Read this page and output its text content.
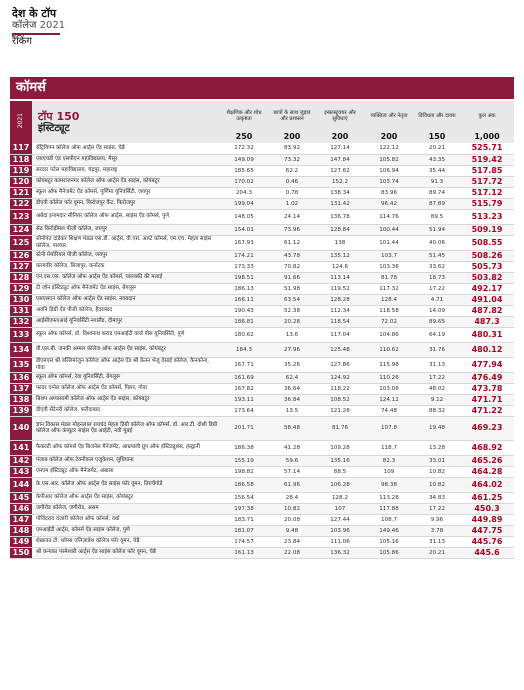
देश के टॉप
कॉलेज 2021
रैंकिंग
कॉमर्स
2021	टॉप 150
इंस्टिट्यूट	शैक्षणिक और शोध उत्कृष्टता	छात्रों के साथ जुड़ाव और प्रशासन	इन्फ्रास्ट्रक्चर और सुविधाएं	व्यक्तित्व और नेतृत्व	विविधता और दायरा	कुल अंक
		250	200	200	200	150	1,000
117	सेंट्रियिपन कॉलेज ऑफ आर्ट्स ऐंड साइंस, चेन्नै	172.32	83.92	127.14	122.12	20.21	525.71
118	एसएचडी एंड एसपीएन महाविद्यालय, मैसूर	149.09	73.32	147.84	105.82	43.35	519.42
119	सरदार पटेल महाविद्यालय, चंद्रपुर, महाराष्ट्र	185.65	62.2	127.62	106.94	35.44	517.85
120	कोयंबटूर कामराजनगर कॉलेज ऑफ आर्ट्स ऐंड साइंस, कोयंबटूर	170.02	0.46	152.2	103.74	91.3	517.72
121	स्कूल ऑफ मैनेजमेंट ऐंड कॉमर्स, पूर्णिमा यूनिवर्सिटी, जयपुर	204.3	0.78	138.34	83.96	89.74	517.12
122	डीएवी कॉलेज फॉर वूमन, फिरोजपुर कैंट, फिरोजपुर	199.04	1.02	131.42	96.42	87.89	515.79
123	अबेदा इनामदार सीनियर कॉलेज ऑफ आर्ट्स, साइंस ऐंड कॉमर्स, पुणे	148.05	24.14	136.78	114.76	89.5	513.23
124	सेठ किरोड़ीमल पीजी कॉलेज, जयपुर	154.01	73.96	128.84	100.44	51.94	509.19
125	सोनोपंत दांडेकर शिक्षण मंडळ एस.डी. आर्ट्स, वी.एस. आप्टे कॉमर्स, एम.एच. मेहता साइंस कॉलेज, पालघर	167.93	61.12	138	101.44	40.06	508.55
126	स्टेनी मेमोरियल पीजी कॉलेज, जयपुर	174.21	43.78	135.12	103.7	51.45	508.26
127	करमवीर कॉलेज, बिजापुर, कर्नाटक	173.33	70.82	124.6	103.36	33.62	505.73
128	एन.एस.एस. कॉलेज ऑफ आर्ट्स ऐंड कॉमर्स, चालक्की की मलाई	198.51	91.66	113.14	81.78	18.73	503.82
129	टी जॉन इंस्टिट्यूट ऑफ मैनेजमेंट ऐंड साइंस, बेंगलूरू	186.13	51.98	119.52	117.32	17.22	492.17
130	एसएसएन कॉलेज ऑफ आर्ट्स ऐंड साइंस, नवबदान	166.11	63.54	128.28	128.4	4.71	491.04
131	अवनि डिग्री ऐंड पीजी कॉलेज, हैदराबाद	190.43	52.38	112.34	118.58	14.09	487.82
132	आईसीएफएआई यूनिवर्सिटी नगालैंड, दीमापुर	186.81	20.28	118.54	72.02	89.65	487.3
133	स्कूल ऑफ कॉमर्स, डॉ. विश्वनाथ कराड एमआईटी वर्ल्ड पीस यूनिवर्सिटी, पुणे	180.62	13.6	117.04	104.86	64.19	480.31
134	वी.एल.बी. जनकी अम्मल कॉलेज ऑफ आर्ट्स ऐंड साइंस, कोयंबटूर	184.3	27.96	125.48	110.62	31.76	480.12
135	डीएमएस श्री वल्लिमांजुन कॉलेज ऑफ आर्ट्स ऐंड श्री केतन भेजू देसाई कॉलेज, कैनकोना, गोवा	167.71	35.26	127.86	115.98	31.13	477.94
136	स्कूल ऑफ कॉमर्स, रेवा यूनिवर्सिटी, बेंगलूरू	161.69	62.4	124.92	110.26	17.22	476.49
137	फादर एग्नेल कॉलेज ऑफ आर्ट्स ऐंड कॉमर्स, पिलर, गोवा	167.82	36.64	118.22	103.08	48.02	473.78
138	बिशप अप्पासामी कॉलेज ऑफ आर्ट्स ऐंड साइंस, कोयंबटूर	193.11	36.84	108.52	124.12	9.12	471.71
139	डीएवी सेंटेनरी कॉलेज, फरीदाबाद	173.64	13.5	121.28	74.48	88.32	471.22
140	ज्ञान विकास मंडल मोहनलाल रायचंद मेहता डिग्री कॉलेज ऑफ कॉमर्स, डॉ. आर.टी. दोशी डिग्री कॉलेज ऑफ कंप्यूटर साइंस ऐंड आईटी, नवी मुंबई	201.71	58.48	81.76	107.8	19.48	469.23
141	फैकल्टी ऑफ कॉमर्स ऐंड बिजनेस मैनेजमेंट, आम्रपाली ग्रुप ऑफ इंस्टिट्यूशंस, हल्द्वानी	186.38	41.28	109.28	118.7	13.28	468.92
142	पंजाब कॉलेज ऑफ टेक्नीकल एजुकेशन, लुधियाना	155.19	59.6	135.16	82.3	33.01	465.26
143	एमएम इंस्टिट्यूट ऑफ मैनेजमेंट, अंबाला	198.82	57.14	88.5	109	10.82	464.28
144	के.एस.आर. कॉलेज ऑफ आर्ट्स ऐंड साइंस फॉर वूमन, तिरुचेंगोडे	186.58	61.96	106.28	98.38	10.82	464.02
145	केपीआर कॉलेज ऑफ आर्ट्स ऐंड साइंस, कोयंबटूर	156.54	28.4	128.2	113.28	34.83	461.25
146	जगीरोड कॉलेज, जगीरोड, असम	197.38	10.82	107	117.88	17.22	450.3
147	गोविंदराव वंजारी कॉलेज ऑफ कॉमर्स, वर्धा	183.71	20.08	127.44	108.7	9.96	449.89
148	एमआईटी आर्ट्स, कॉमर्स ऐंड साइंस कॉलेज, पुणे	181.07	9.48	103.96	149.46	3.78	447.75
149	शेखावत टी. थॉमस एलिज़ाबेथ कॉलेज फॉर वूमन, चेन्नै	174.57	23.84	111.06	105.16	31.13	445.76
150	श्री कन्यका परमेश्वरी आर्ट्स ऐंड साइंस कॉलेज फॉर वूमन, चेन्नै	161.13	22.08	136.32	105.86	20.21	445.6
